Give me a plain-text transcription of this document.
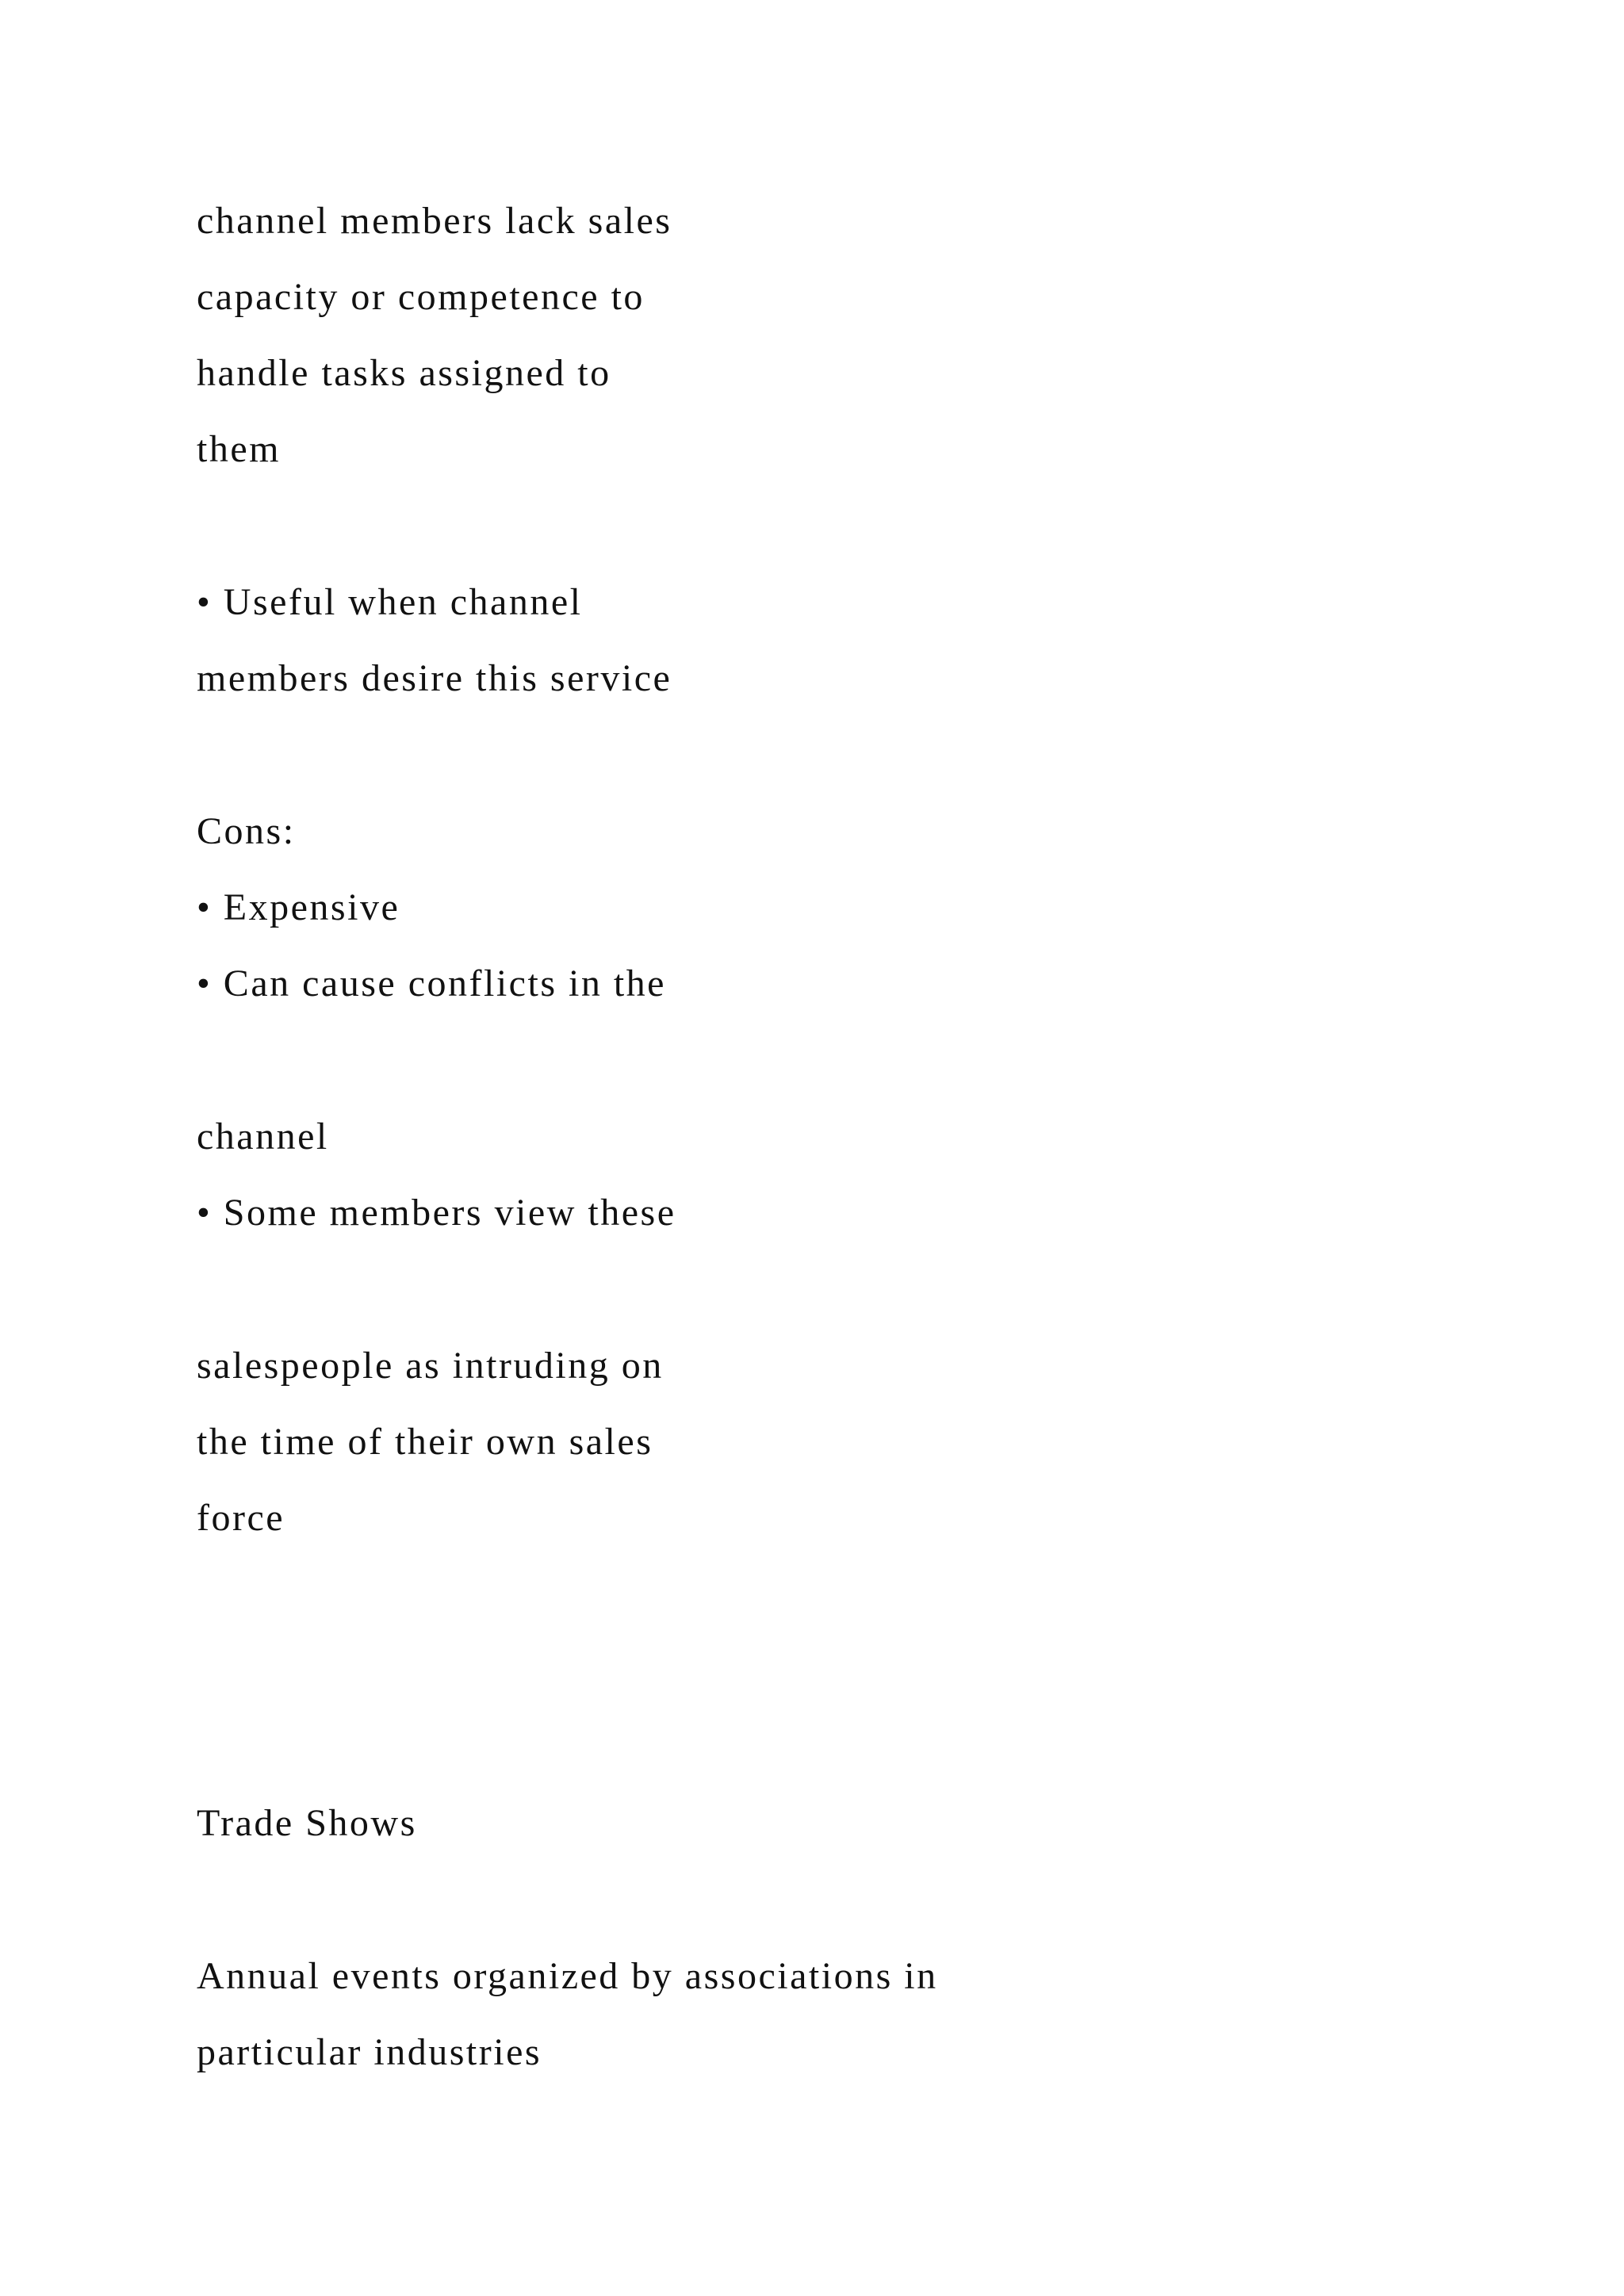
channel members lack sales

capacity or competence to

handle tasks assigned to

them

• Useful when channel

members desire this service

Cons:

• Expensive

• Can cause conflicts in the

channel

• Some members view these

salespeople as intruding on

the time of their own sales

force

Trade Shows

Annual events organized by associations in

particular industries
